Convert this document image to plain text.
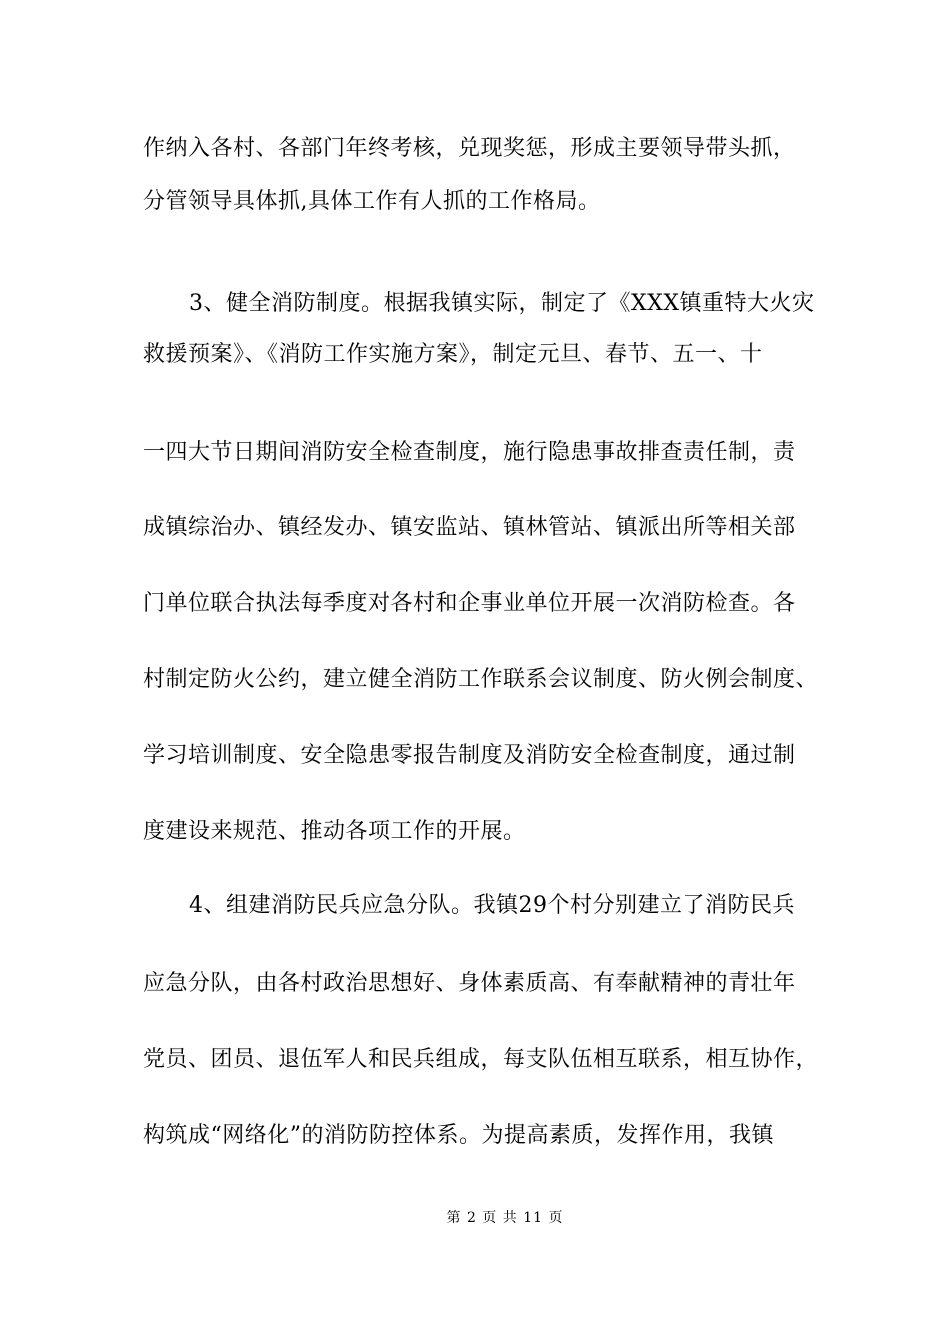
作纳入各村、各部门年终考核，兑现奖惩，形成主要领导带头抓，
分管领导具体抓,具体工作有人抓的工作格局。
3、健全消防制度。根据我镇实际，制定了《XXX镇重特大火灾
救援预案》、《消防工作实施方案》，制定元旦、春节、五一、十
一四大节日期间消防安全检查制度，施行隐患事故排查责任制，责
成镇综治办、镇经发办、镇安监站、镇林管站、镇派出所等相关部
门单位联合执法每季度对各村和企事业单位开展一次消防检查。各
村制定防火公约，建立健全消防工作联系会议制度、防火例会制度、
学习培训制度、安全隐患零报告制度及消防安全检查制度，通过制
度建设来规范、推动各项工作的开展。
4、组建消防民兵应急分队。我镇29个村分别建立了消防民兵
应急分队，由各村政治思想好、身体素质高、有奉献精神的青壮年
党员、团员、退伍军人和民兵组成，每支队伍相互联系，相互协作，
构筑成“网络化”的消防防控体系。为提高素质，发挥作用，我镇
第 2 页 共 11 页
